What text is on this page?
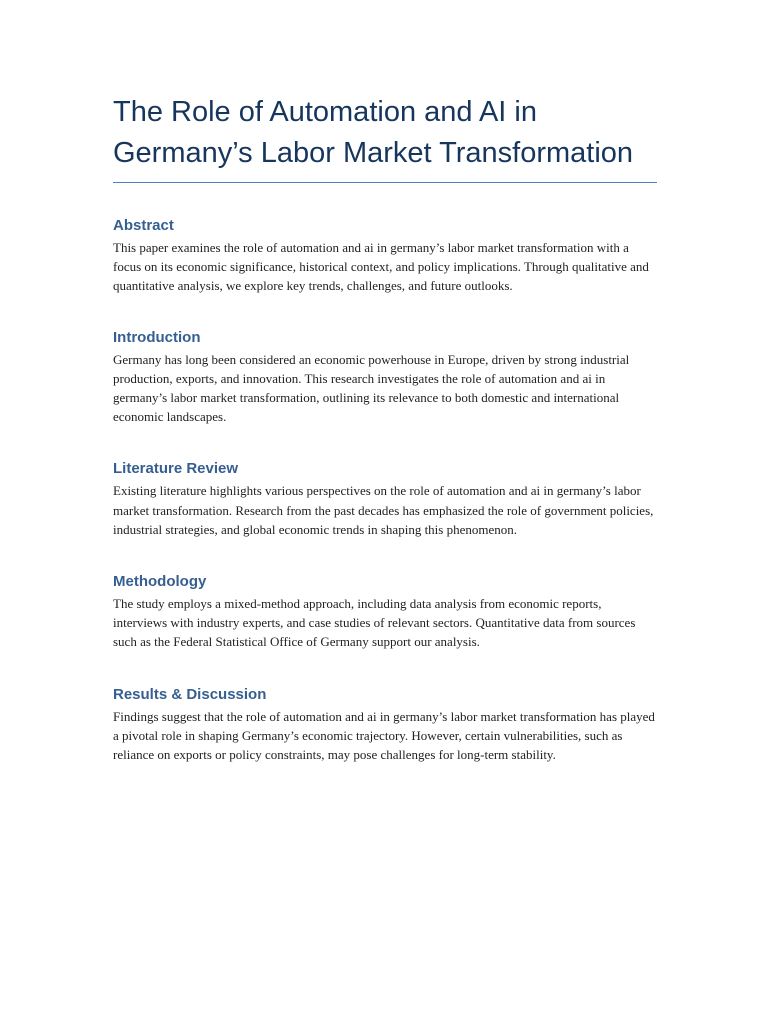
The Role of Automation and AI in Germany’s Labor Market Transformation
Abstract

This paper examines the role of automation and ai in germany’s labor market transformation with a focus on its economic significance, historical context, and policy implications. Through qualitative and quantitative analysis, we explore key trends, challenges, and future outlooks.

Introduction

Germany has long been considered an economic powerhouse in Europe, driven by strong industrial production, exports, and innovation. This research investigates the role of automation and ai in germany’s labor market transformation, outlining its relevance to both domestic and international economic landscapes.

Literature Review

Existing literature highlights various perspectives on the role of automation and ai in germany’s labor market transformation. Research from the past decades has emphasized the role of government policies, industrial strategies, and global economic trends in shaping this phenomenon.

Methodology

The study employs a mixed-method approach, including data analysis from economic reports, interviews with industry experts, and case studies of relevant sectors. Quantitative data from sources such as the Federal Statistical Office of Germany support our analysis.

Results & Discussion

Findings suggest that the role of automation and ai in germany’s labor market transformation has played a pivotal role in shaping Germany’s economic trajectory. However, certain vulnerabilities, such as reliance on exports or policy constraints, may pose challenges for long-term stability.
